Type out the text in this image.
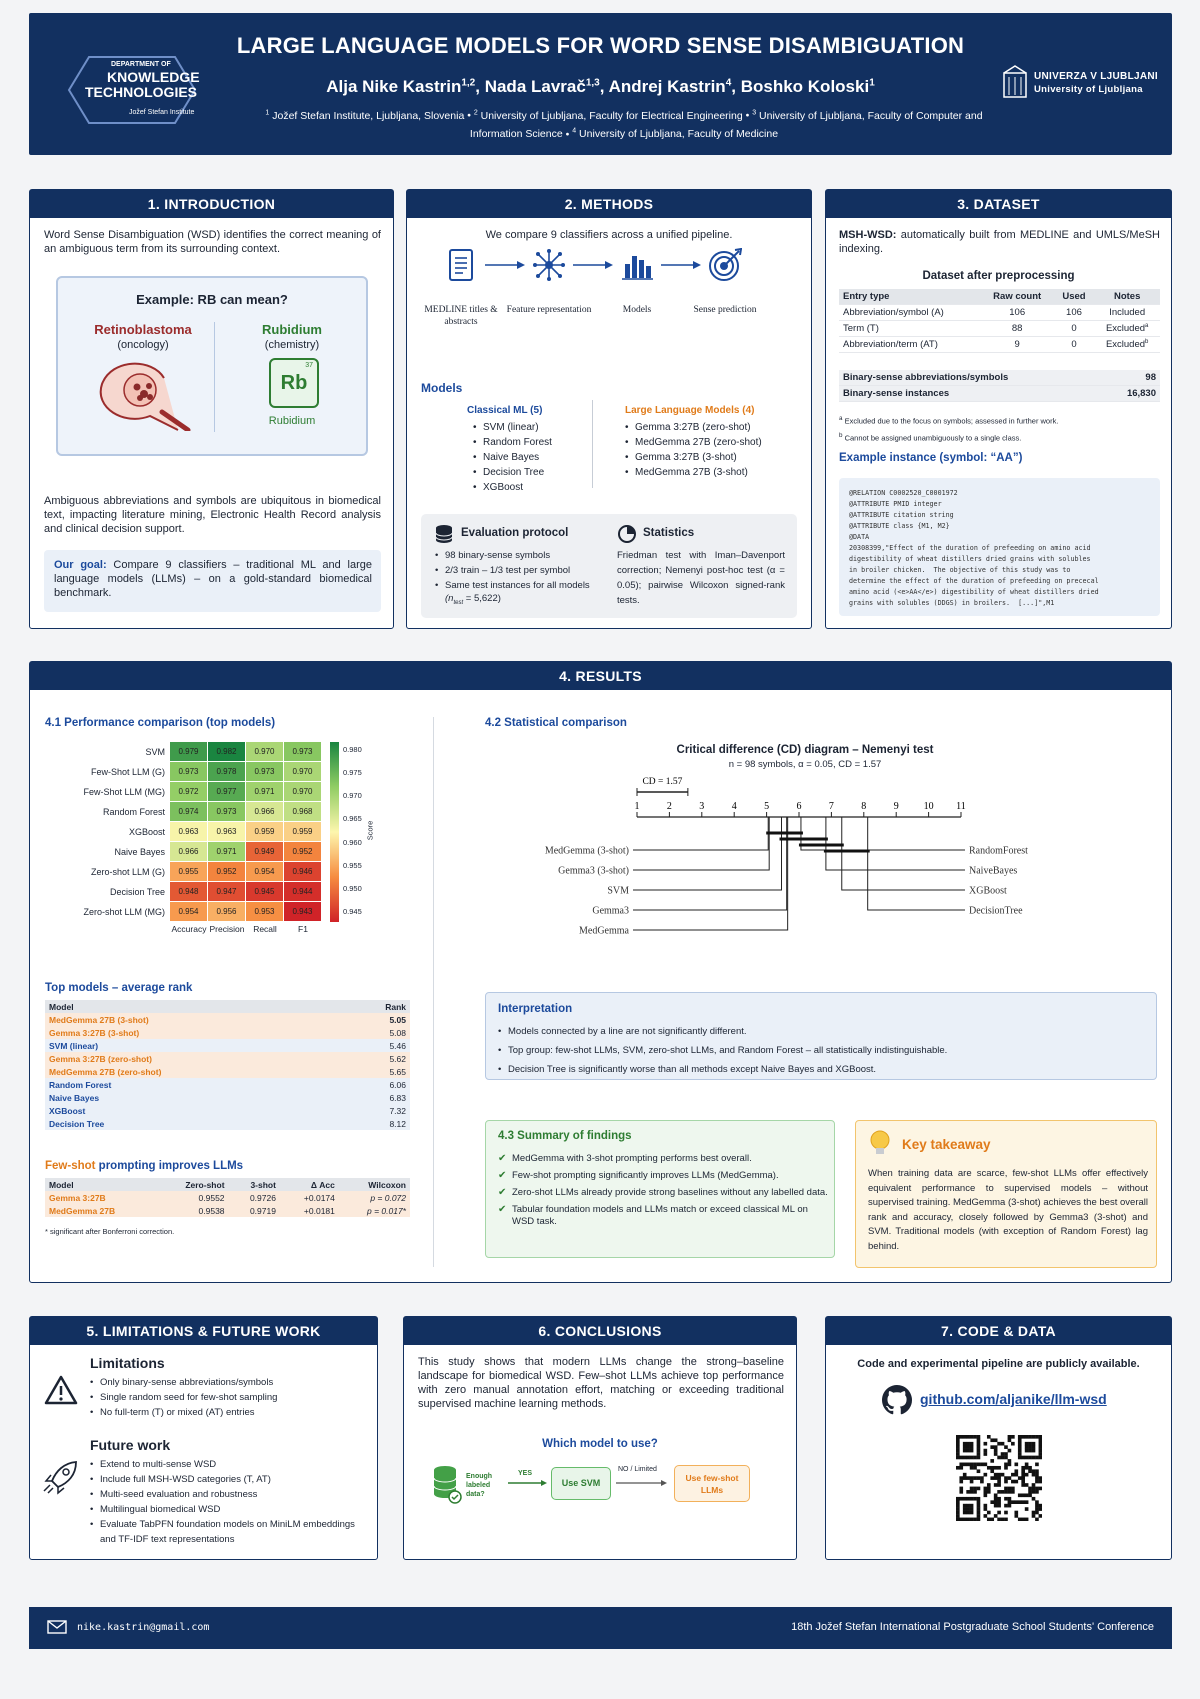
DEPARTMENT OF
KNOWLEDGE
TECHNOLOGIES
Jožef Stefan Institute
LARGE LANGUAGE MODELS FOR WORD SENSE DISAMBIGUATION
Alja Nike Kastrin$^{1,2}$, Nada Lavrač$^{1,3}$, Andrej Kastrin$^4$, Boshko Koloski$^1$
$^1$ Jožef Stefan Institute, Ljubljana, Slovenia • $^2$ University of Ljubljana, Faculty for Electrical Engineering • $^3$ University of Ljubljana, Faculty of Computer and Information Science • $^4$ University of Ljubljana, Faculty of Medicine
UNIVERZA V LJUBLJANI
University of Ljubljana
1. INTRODUCTION
Word Sense Disambiguation (WSD) identifies the correct meaning of an ambiguous term from its surrounding context.
Example: RB can mean?
Retinoblastoma
(oncology)
Rubidium
(chemistry)
37
Rb
Rubidium
Ambiguous abbreviations and symbols are ubiquitous in biomedical text, impacting literature mining, Electronic Health Record analysis and clinical decision support.
Our goal: Compare 9 classifiers – traditional ML and large language models (LLMs) – on a gold-standard biomedical benchmark.
2. METHODS
We compare 9 classifiers across a unified pipeline.
MEDLINE titles & abstracts
Feature representation	Models	Sense prediction
Models
Classical ML (5)
• SVM (linear)
• Random Forest
• Naive Bayes
• Decision Tree
• XGBoost
Large Language Models (4)
• Gemma 3:27B (zero-shot)
• MedGemma 27B (zero-shot)
• Gemma 3:27B (3-shot)
• MedGemma 27B (3-shot)
Evaluation protocol
• 98 binary-sense symbols
• 2/3 train – 1/3 test per symbol
• Same test instances for all models
$(n_{test} = 5,622)$
Statistics
Friedman test with Iman–Davenport correction; Nemenyi post-hoc test (α = 0.05); pairwise Wilcoxon signed-rank tests.
3. DATASET
MSH-WSD: automatically built from MEDLINE and UMLS/MeSH indexing.
Dataset after preprocessing
Entry type	Raw count	Used	Notes
Abbreviation/symbol (A)	106	106	Included
Term (T)	88	0	Excluded$^a$
Abbreviation/term (AT)	9	0	Excluded$^b$
Binary-sense abbreviations/symbols	98
Binary-sense instances	16,830
$^a$ Excluded due to the focus on symbols; assessed in further work.
$^b$ Cannot be assigned unambiguously to a single class.
Example instance (symbol: “AA”)
@RELATION C0002520_C0001972
@ATTRIBUTE PMID integer
@ATTRIBUTE citation string
@ATTRIBUTE class {M1, M2}
@DATA
20308399,"Effect of the duration of prefeeding on amino acid
digestibility of wheat distillers dried grains with solubles
in broiler chicken.  The objective of this study was to
determine the effect of the duration of prefeeding on prececal
amino acid (<e>AA</e>) digestibility of wheat distillers dried
grains with solubles (DDGS) in broilers.  [...]",M1
4. RESULTS
4.1 Performance comparison (top models)
SVM	0.979	0.982	0.970	0.973
Few-Shot LLM (G)	0.973	0.978	0.973	0.970
Few-Shot LLM (MG)	0.972	0.977	0.971	0.970
Random Forest	0.974	0.973	0.966	0.968
XGBoost	0.963	0.963	0.959	0.959
Naive Bayes	0.966	0.971	0.949	0.952
Zero-shot LLM (G)	0.955	0.952	0.954	0.946
Decision Tree	0.948	0.947	0.945	0.944
Zero-shot LLM (MG)	0.954	0.956	0.953	0.943
Accuracy Precision	Recall	F1
0.980
0.975
0.970
0.965
0.960
0.955
0.950
0.945
Score
Top models – average rank
Model	Rank
MedGemma 27B (3-shot)	5.05
Gemma 3:27B (3-shot)	5.08
SVM (linear)	5.46
Gemma 3:27B (zero-shot)	5.62
MedGemma 27B (zero-shot)	5.65
Random Forest	6.06
Naive Bayes	6.83
XGBoost	7.32
Decision Tree	8.12
Few-shot prompting improves LLMs
Model	Zero-shot	3-shot	Δ Acc	Wilcoxon
Gemma 3:27B	0.9552	0.9726	+0.0174	p = 0.072
MedGemma 27B	0.9538	0.9719	+0.0181	p = 0.017*
* significant after Bonferroni correction.
4.2 Statistical comparison
Critical difference (CD) diagram – Nemenyi test
n = 98 symbols, α = 0.05, CD = 1.57
1	2	3	4	5	6	7	8	9 10 11
CD = 1.57
MedGemma (3-shot)
Gemma3 (3-shot)
SVM
Gemma3
MedGemma
RandomForest
NaiveBayes
XGBoost
DecisionTree
Interpretation
• Models connected by a line are not significantly different.
• Top group: few-shot LLMs, SVM, zero-shot LLMs, and Random Forest – all statistically indistinguishable.
• Decision Tree is significantly worse than all methods except Naive Bayes and XGBoost.
4.3 Summary of findings
✔ MedGemma with 3-shot prompting performs best overall.
✔ Few-shot prompting significantly improves LLMs (MedGemma).
✔ Zero-shot LLMs already provide strong baselines without any labelled data.
✔ Tabular foundation models and LLMs match or exceed classical ML on WSD task.
Key takeaway
When training data are scarce, few-shot LLMs offer effectively equivalent performance to supervised models – without supervised training. MedGemma (3-shot) achieves the best overall rank and accuracy, closely followed by Gemma3 (3-shot) and SVM. Traditional models (with exception of Random Forest) lag behind.
5. LIMITATIONS & FUTURE WORK
Limitations
• Only binary-sense abbreviations/symbols
• Single random seed for few-shot sampling
• No full-term (T) or mixed (AT) entries
Future work
• Extend to multi-sense WSD
• Include full MSH-WSD categories (T, AT)
• Multi-seed evaluation and robustness
• Multilingual biomedical WSD
• Evaluate TabPFN foundation models on MiniLM embeddings and TF-IDF text representations
6. CONCLUSIONS
This study shows that modern LLMs change the strong–baseline landscape for biomedical WSD. Few–shot LLMs achieve top performance with zero manual annotation effort, matching or exceeding traditional supervised machine learning methods.
Which model to use?
Enough labeled data?
YES
Use SVM
NO / Limited
Use few-shot LLMs
7. CODE & DATA
Code and experimental pipeline are publicly available.
github.com/aljanike/llm-wsd
nike.kastrin@gmail.com	18th Jožef Stefan International Postgraduate School Students' Conference
